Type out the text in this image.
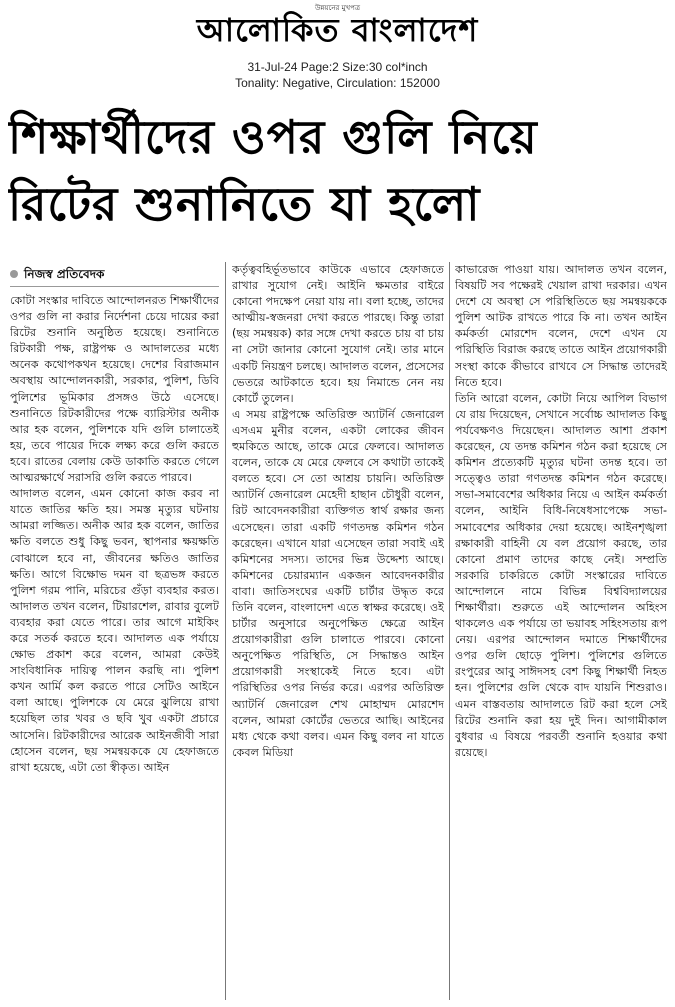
উন্নয়নের মুখপত্র
আলোকিত বাংলাদেশ
31-Jul-24 Page:2 Size:30 col*inch
Tonality: Negative, Circulation: 152000
শিক্ষার্থীদের ওপর গুলি নিয়ে
রিটের শুনানিতে যা হলো
নিজস্ব প্রতিবেদক

কোটা সংস্কার দাবিতে আন্দোলনরত শিক্ষার্থীদের ওপর গুলি না করার নির্দেশনা চেয়ে দায়ের করা রিটের শুনানি অনুষ্ঠিত হয়েছে। শুনানিতে রিটকারী পক্ষ, রাষ্ট্রপক্ষ ও আদালতের মধ্যে অনেক কথোপকথন হয়েছে। দেশের বিরাজমান অবস্থায় আন্দোলনকারী, সরকার, পুলিশ, ডিবি পুলিশের ভূমিকার প্রসঙ্গও উঠে এসেছে। শুনানিতে রিটকারীদের পক্ষে ব্যারিস্টার অনীক আর হক বলেন, পুলিশকে যদি গুলি চালাতেই হয়, তবে পায়ের দিকে লক্ষ্য করে গুলি করতে হবে। রাতের বেলায় কেউ ডাকাতি করতে গেলে আত্মরক্ষার্থে সরাসরি গুলি করতে পারবে।

আদালত বলেন, এমন কোনো কাজ করব না যাতে জাতির ক্ষতি হয়। সমস্ত মৃত্যুর ঘটনায় আমরা লজ্জিত। অনীক আর হক বলেন, জাতির ক্ষতি বলতে শুধু কিছু ভবন, স্থাপনার ক্ষয়ক্ষতি বোঝালে হবে না, জীবনের ক্ষতিও জাতির ক্ষতি। আগে বিক্ষোভ দমন বা ছত্রভঙ্গ করতে পুলিশ গরম পানি, মরিচের গুঁড়া ব্যবহার করত। আদালত তখন বলেন, টিয়ারশেল, রাবার বুলেট ব্যবহার করা যেতে পারে। তার আগে মাইকিং করে সতর্ক করতে হবে। আদালত এক পর্যায়ে ক্ষোভ প্রকাশ করে বলেন, আমরা কেউই সাংবিধানিক দায়িত্ব পালন করছি না। পুলিশ কখন আর্মি কল করতে পারে সেটিও আইনে বলা আছে। পুলিশকে যে মেরে ঝুলিয়ে রাখা হয়েছিল তার খবর ও ছবি খুব একটা প্রচারে আসেনি। রিটকারীদের আরেক আইনজীবী সারা হোসেন বলেন, ছয় সমন্বয়ককে যে হেফাজতে রাখা হয়েছে, এটা তো স্বীকৃত। আইন

কর্তৃত্ববহির্ভূতভাবে কাউকে এভাবে হেফাজতে রাখার সুযোগ নেই। আইনি ক্ষমতার বাইরে কোনো পদক্ষেপ নেয়া যায় না। বলা হচ্ছে, তাদের আত্মীয়-স্বজনরা দেখা করতে পারছে। কিন্তু তারা (ছয় সমন্বয়ক) কার সঙ্গে দেখা করতে চায় বা চায় না সেটা জানার কোনো সুযোগ নেই। তার মানে একটি নিয়ন্ত্রণ চলছে। আদালত বলেন, প্রসেসের ভেতরে আটকাতে হবে। হয় নিমান্ডে নেন নয় কোর্টে তুলেন।

এ সময় রাষ্ট্রপক্ষে অতিরিক্ত অ্যাটর্নি জেনারেল এসএম মুনীর বলেন, একটা লোকের জীবন হুমকিতে আছে, তাকে মেরে ফেলবে। আদালত বলেন, তাকে যে মেরে ফেলবে সে কথাটা তাকেই বলতে হবে। সে তো আশ্রয় চায়নি। অতিরিক্ত অ্যাটর্নি জেনারেল মেহেদী হাছান চৌধুরী বলেন, রিট আবেদনকারীরা ব্যক্তিগত স্বার্থ রক্ষার জন্য এসেছেন। তারা একটি গণতদন্ত কমিশন গঠন করেছেন। এখানে যারা এসেছেন তারা সবাই এই কমিশনের সদস্য। তাদের ভিন্ন উদ্দেশ্য আছে। কমিশনের চেয়ারম্যান একজন আবেদনকারীর বাবা। জাতিসংঘের একটি চার্টার উদ্ধৃত করে তিনি বলেন, বাংলাদেশ এতে স্বাক্ষর করেছে। ওই চার্টার অনুসারে অনুপেক্ষিত ক্ষেত্রে আইন প্রয়োগকারীরা গুলি চালাতে পারবে। কোনো অনুপেক্ষিত পরিস্থিতি, সে সিদ্ধান্তও আইন প্রয়োগকারী সংস্থাকেই নিতে হবে। এটা পরিস্থিতির ওপর নির্ভর করে। এরপর অতিরিক্ত অ্যাটর্নি জেনারেল শেখ মোহাম্মদ মোরশেদ বলেন, আমরা কোর্টের ভেতরে আছি। আইনের মধ্য থেকে কথা বলব। এমন কিছু বলব না যাতে কেবল মিডিয়া

কাভারেজ পাওয়া যায়। আদালত তখন বলেন, বিষয়টি সব পক্ষেরই খেয়াল রাখা দরকার। এখন দেশে যে অবস্থা সে পরিস্থিতিতে ছয় সমন্বয়ককে পুলিশ আটক রাখতে পারে কি না। তখন আইন কর্মকর্তা মোরশেদ বলেন, দেশে এখন যে পরিস্থিতি বিরাজ করছে তাতে আইন প্রয়োগকারী সংস্থা কাকে কীভাবে রাখবে সে সিদ্ধান্ত তাদেরই নিতে হবে।

তিনি আরো বলেন, কোটা নিয়ে আপিল বিভাগ যে রায় দিয়েছেন, সেখানে সর্বোচ্চ আদালত কিছু পর্যবেক্ষণও দিয়েছেন। আদালত আশা প্রকাশ করেছেন, যে তদন্ত কমিশন গঠন করা হয়েছে সে কমিশন প্রত্যেকটি মৃত্যুর ঘটনা তদন্ত হবে। তা সত্ত্বেও তারা গণতদন্ত কমিশন গঠন করেছে। সভা-সমাবেশের অধিকার নিয়ে এ আইন কর্মকর্তা বলেন, আইনি বিধি-নিষেধসাপেক্ষে সভা-সমাবেশের অধিকার দেয়া হয়েছে। আইনশৃঙ্খলা রক্ষাকারী বাহিনী যে বল প্রয়োগ করছে, তার কোনো প্রমাণ তাদের কাছে নেই। সম্প্রতি সরকারি চাকরিতে কোটা সংস্কারের দাবিতে আন্দোলনে নামে বিভিন্ন বিশ্ববিদ্যালয়ের শিক্ষার্থীরা। শুরুতে এই আন্দোলন অহিংস থাকলেও এক পর্যায়ে তা ভয়াবহ সহিংসতায় রূপ নেয়। এরপর আন্দোলন দমাতে শিক্ষার্থীদের ওপর গুলি ছোড়ে পুলিশ। পুলিশের গুলিতে রংপুরের আবু সাঈদসহ বেশ কিছু শিক্ষার্থী নিহত হন। পুলিশের গুলি থেকে বাদ যায়নি শিশুরাও। এমন বাস্তবতায় আদালতে রিট করা হলে সেই রিটের শুনানি করা হয় দুই দিন। আগামীকাল বুধবার এ বিষয়ে পরবর্তী শুনানি হওয়ার কথা রয়েছে।
